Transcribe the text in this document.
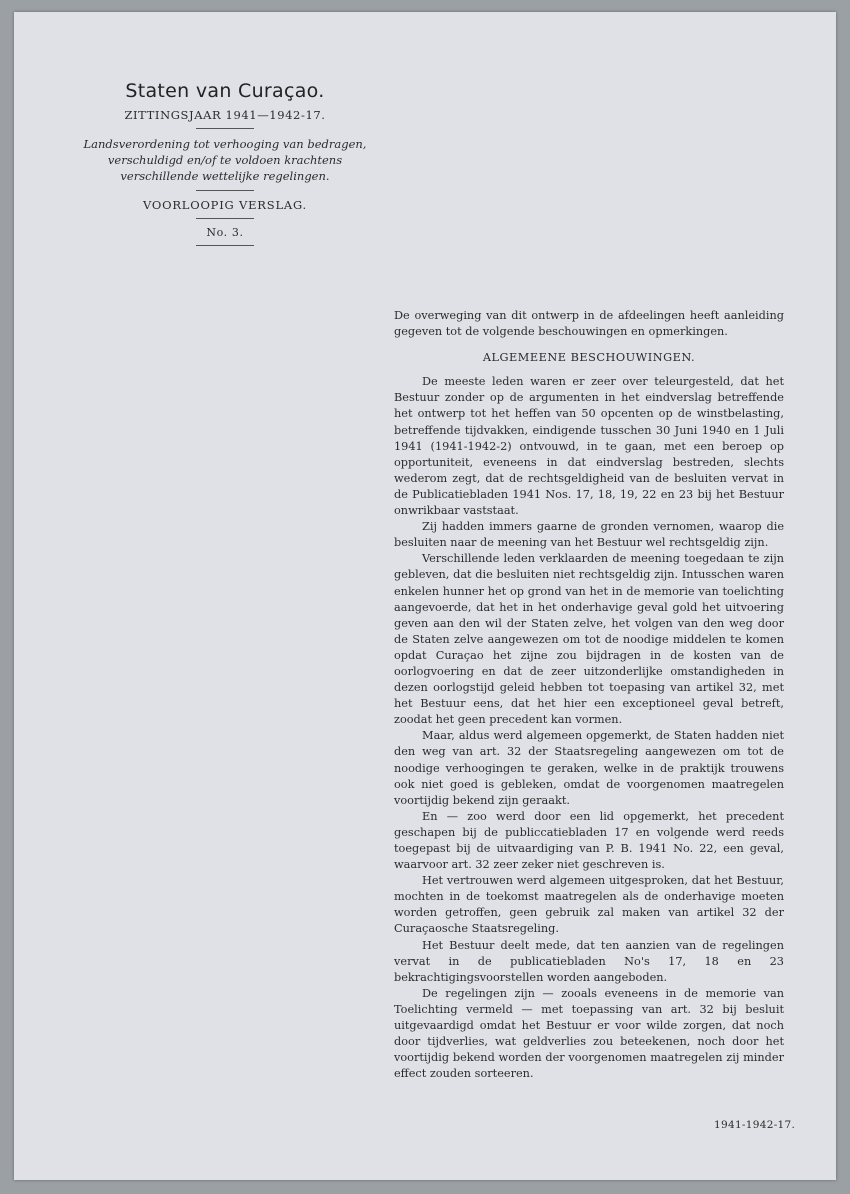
Staten van Curaçao.
ZITTINGSJAAR 1941—1942-17.
Landsverordening tot verhooging van bedragen, verschuldigd en/of te voldoen krachtens verschillende wettelijke regelingen.
VOORLOOPIG VERSLAG.
No. 3.

De overweging van dit ontwerp in de afdeelingen heeft aanleiding gegeven tot de volgende beschouwingen en opmerkingen.

ALGEMEENE BESCHOUWINGEN.

De meeste leden waren er zeer over teleurgesteld, dat het Bestuur zonder op de argumenten in het eindverslag betreffende het ontwerp tot het heffen van 50 opcenten op de winstbelasting, betreffende tijdvakken, eindigende tusschen 30 Juni 1940 en 1 Juli 1941 (1941-1942-2) ontvouwd, in te gaan, met een beroep op opportuniteit, eveneens in dat eindverslag bestreden, slechts wederom zegt, dat de rechtsgeldigheid van de besluiten vervat in de Publicatiebladen 1941 Nos. 17, 18, 19, 22 en 23 bij het Bestuur onwrikbaar vaststaat.

Zij hadden immers gaarne de gronden vernomen, waarop die besluiten naar de meening van het Bestuur wel rechtsgeldig zijn.

Verschillende leden verklaarden de meening toegedaan te zijn gebleven, dat die besluiten niet rechtsgeldig zijn. Intusschen waren enkelen hunner het op grond van het in de memorie van toelichting aangevoerde, dat het in het onderhavige geval gold het uitvoering geven aan den wil der Staten zelve, het volgen van den weg door de Staten zelve aangewezen om tot de noodige middelen te komen opdat Curaçao het zijne zou bijdragen in de kosten van de oorlogvoering en dat de zeer uitzonderlijke omstandigheden in dezen oorlogstijd geleid hebben tot toepasing van artikel 32, met het Bestuur eens, dat het hier een exceptioneel geval betreft, zoodat het geen precedent kan vormen.

Maar, aldus werd algemeen opgemerkt, de Staten hadden niet den weg van art. 32 der Staatsregeling aangewezen om tot de noodige verhoogingen te geraken, welke in de praktijk trouwens ook niet goed is gebleken, omdat de voorgenomen maatregelen voortijdig bekend zijn geraakt.

En — zoo werd door een lid opgemerkt, het precedent geschapen bij de publiccatiebladen 17 en volgende werd reeds toegepast bij de uitvaardiging van P. B. 1941 No. 22, een geval, waarvoor art. 32 zeer zeker niet geschreven is.

Het vertrouwen werd algemeen uitgesproken, dat het Bestuur, mochten in de toekomst maatregelen als de onderhavige moeten worden getroffen, geen gebruik zal maken van artikel 32 der Curaçaosche Staatsregeling.

Het Bestuur deelt mede, dat ten aanzien van de regelingen vervat in de publicatiebladen No's 17, 18 en 23 bekrachtigingsvoorstellen worden aangeboden.

De regelingen zijn — zooals eveneens in de memorie van Toelichting vermeld — met toepassing van art. 32 bij besluit uitgevaardigd omdat het Bestuur er voor wilde zorgen, dat noch door tijdverlies, wat geldverlies zou beteekenen, noch door het voortijdig bekend worden der voorgenomen maatregelen zij minder effect zouden sorteeren.

1941-1942-17.
